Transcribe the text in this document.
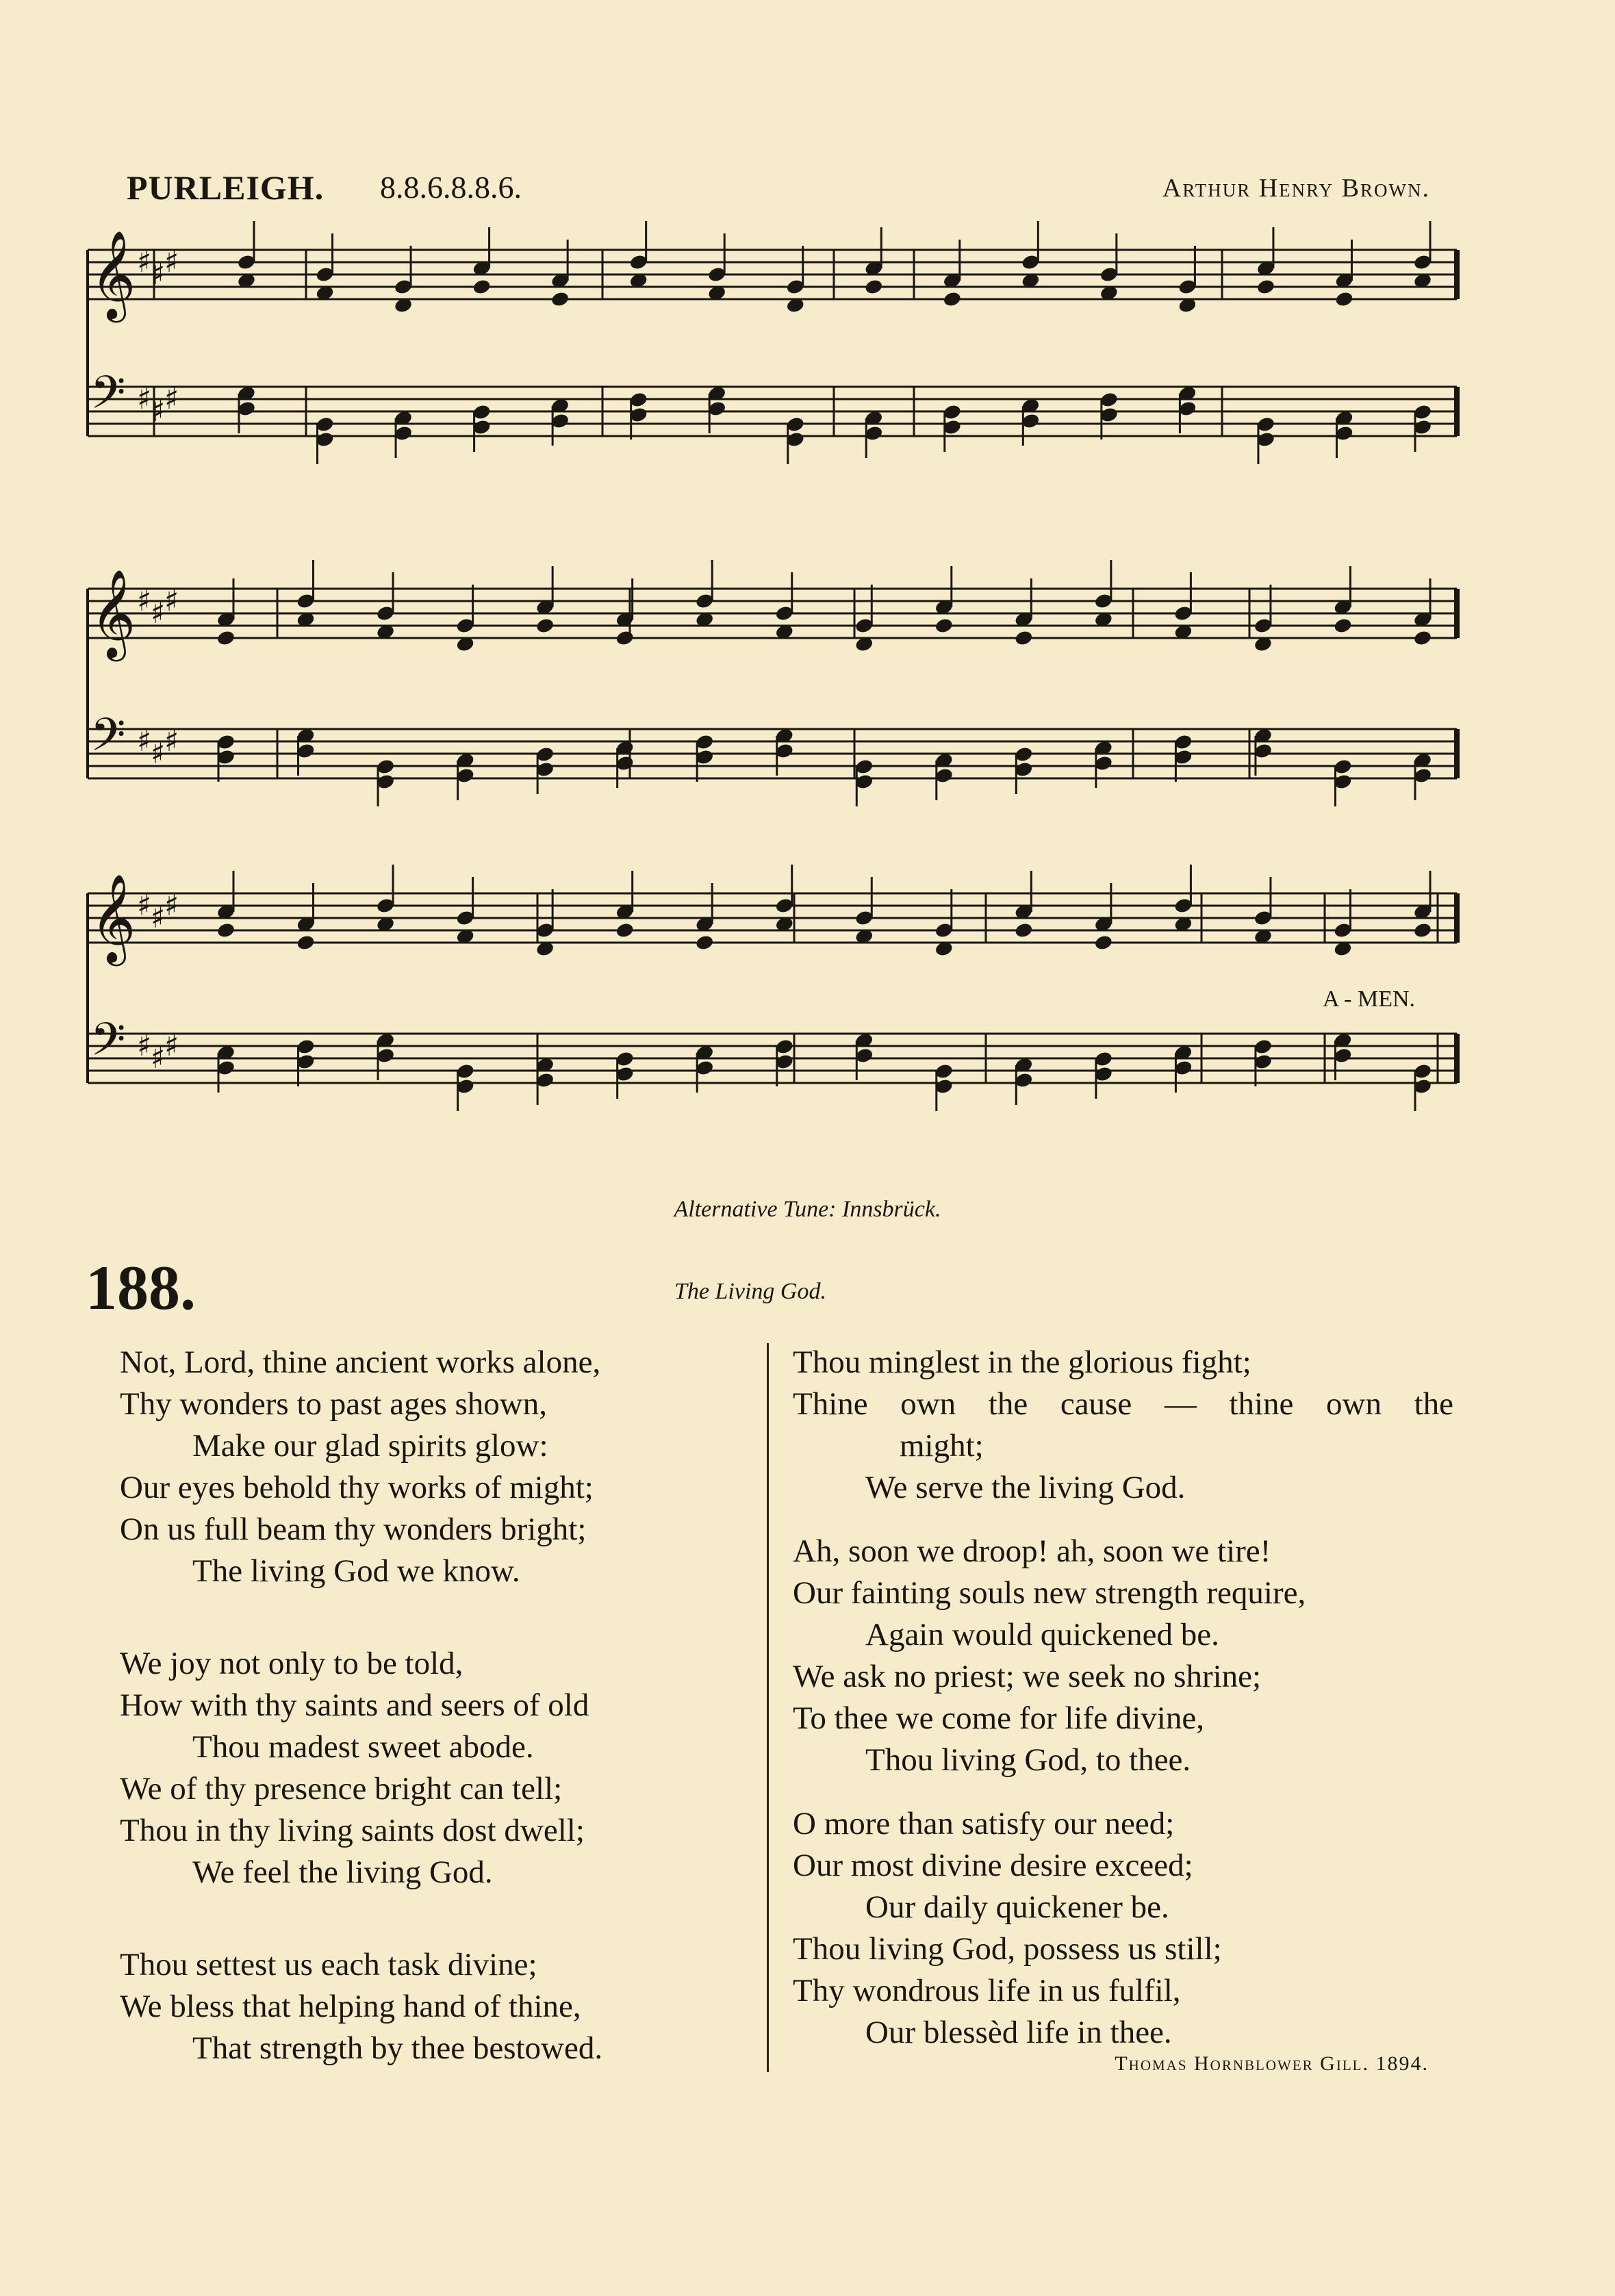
PURLEIGH. 8.8.6.8.8.6.	Arthur Henry Brown.
𝄞 ♯
♯
♯
𝄢 ♯
♯
♯
𝄞 ♯
♯
♯
𝄢 ♯
♯
♯
𝄞 ♯
♯
♯
𝄢 ♯
♯
♯
A - MEN.
Alternative Tune: Innsbrück.
188.	The Living God.
Not, Lord, thine ancient works alone,
Thy wonders to past ages shown,
Make our glad spirits glow:
Our eyes behold thy works of might;
On us full beam thy wonders bright;
The living God we know.
We joy not only to be told,
How with thy saints and seers of old
Thou madest sweet abode.
We of thy presence bright can tell;
Thou in thy living saints dost dwell;
We feel the living God.
Thou settest us each task divine;
We bless that helping hand of thine,
That strength by thee bestowed.
Thou minglest in the glorious fight;
Thine own the cause — thine own the
might;
We serve the living God.
Ah, soon we droop! ah, soon we tire!
Our fainting souls new strength require,
Again would quickened be.
We ask no priest; we seek no shrine;
To thee we come for life divine,
Thou living God, to thee.
O more than satisfy our need;
Our most divine desire exceed;
Our daily quickener be.
Thou living God, possess us still;
Thy wondrous life in us fulfil,
Our blessèd life in thee.
Thomas Hornblower Gill. 1894.
